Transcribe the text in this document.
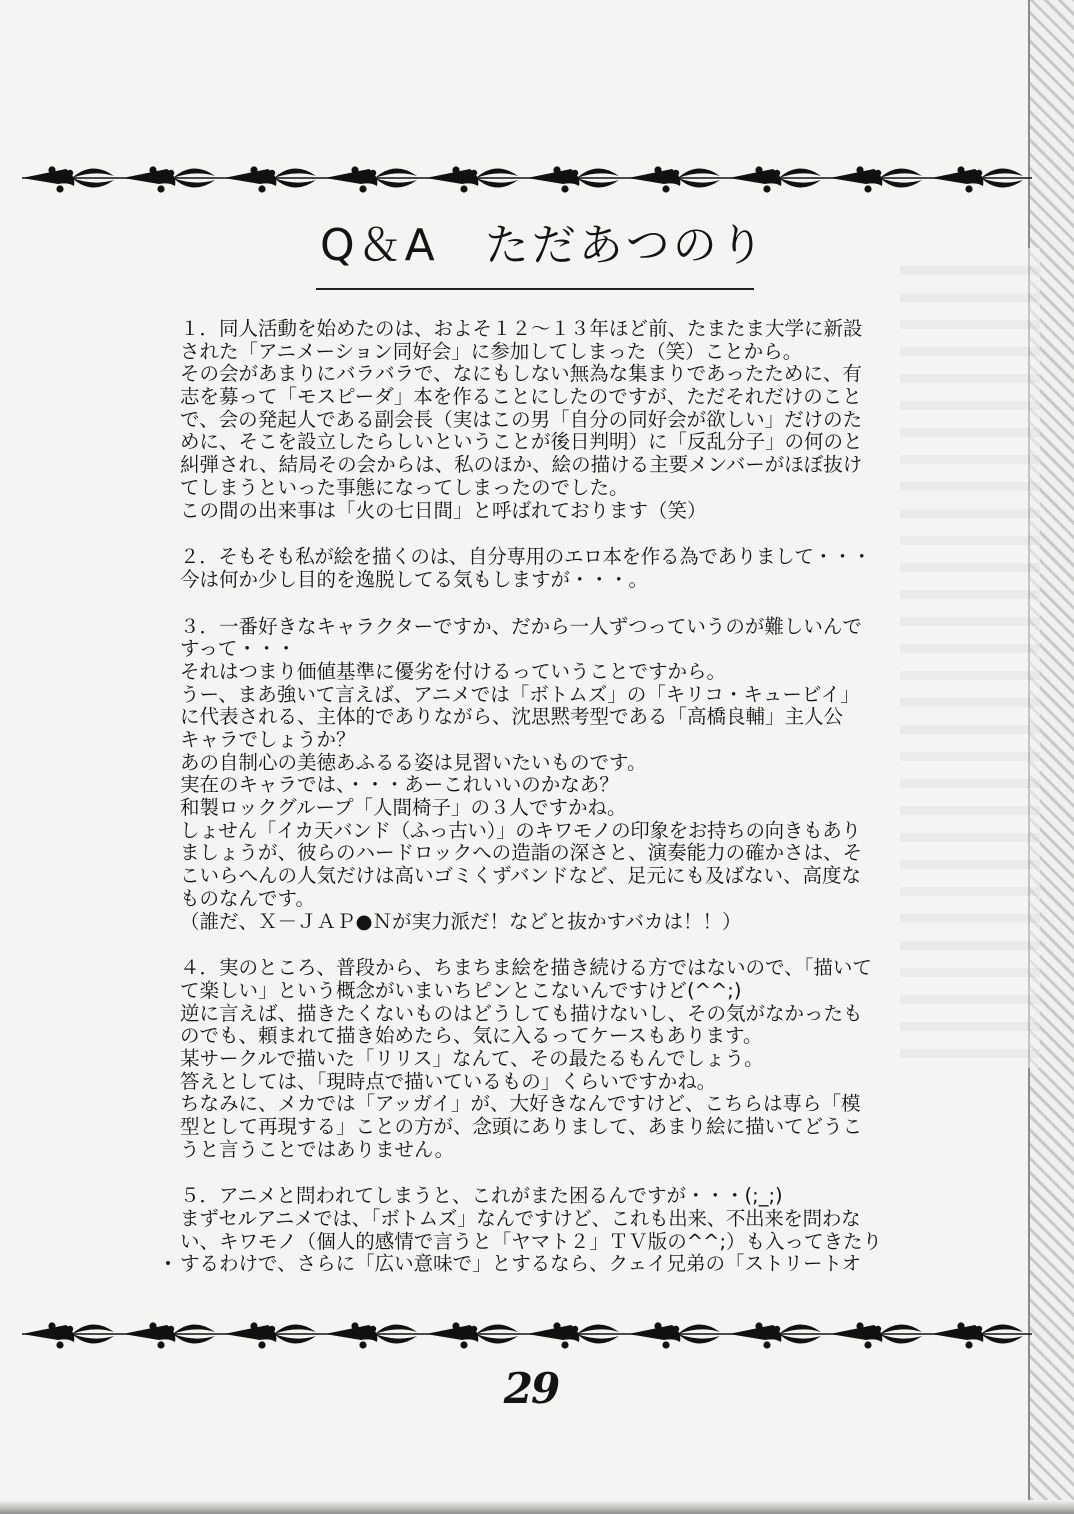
Q＆A　ただあつのり
１．同人活動を始めたのは、およそ１２～１３年ほど前、たまたま大学に新設
された「アニメーション同好会」に参加してしまった（笑）ことから。
その会があまりにバラバラで、なにもしない無為な集まりであったために、有
志を募って「モスピーダ」本を作ることにしたのですが、ただそれだけのこと
で、会の発起人である副会長（実はこの男「自分の同好会が欲しい」だけのた
めに、そこを設立したらしいということが後日判明）に「反乱分子」の何のと
糾弾され、結局その会からは、私のほか、絵の描ける主要メンバーがほぼ抜け
てしまうといった事態になってしまったのでした。
この間の出来事は「火の七日間」と呼ばれております（笑）
２．そもそも私が絵を描くのは、自分専用のエロ本を作る為でありまして・・・
今は何か少し目的を逸脱してる気もしますが・・・。
３．一番好きなキャラクターですか、だから一人ずつっていうのが難しいんで
すって・・・
それはつまり価値基準に優劣を付けるっていうことですから。
うー、まあ強いて言えば、アニメでは「ボトムズ」の「キリコ・キュービイ」
に代表される、主体的でありながら、沈思黙考型である「高橋良輔」主人公
キャラでしょうか？
あの自制心の美徳あふるる姿は見習いたいものです。
実在のキャラでは、・・・あーこれいいのかなあ？
和製ロックグループ「人間椅子」の３人ですかね。
しょせん「イカ天バンド（ふっ古い）」のキワモノの印象をお持ちの向きもあり
ましょうが、彼らのハードロックへの造詣の深さと、演奏能力の確かさは、そ
こいらへんの人気だけは高いゴミくずバンドなど、足元にも及ばない、高度な
ものなんです。
（誰だ、Ｘ－ＪＡＰ●Ｎが実力派だ！などと抜かすバカは！！）
４．実のところ、普段から、ちまちま絵を描き続ける方ではないので、「描いて
て楽しい」という概念がいまいちピンとこないんですけど(^^;)
逆に言えば、描きたくないものはどうしても描けないし、その気がなかったも
のでも、頼まれて描き始めたら、気に入るってケースもあります。
某サークルで描いた「リリス」なんて、その最たるもんでしょう。
答えとしては、「現時点で描いているもの」くらいですかね。
ちなみに、メカでは「アッガイ」が、大好きなんですけど、こちらは専ら「模
型として再現する」ことの方が、念頭にありまして、あまり絵に描いてどうこ
うと言うことではありません。
５．アニメと問われてしまうと、これがまた困るんですが・・・(;_;)
まずセルアニメでは、「ボトムズ」なんですけど、これも出来、不出来を問わな
い、キワモノ（個人的感情で言うと「ヤマト２」ＴＶ版の^^;）も入ってきたり
するわけで、さらに「広い意味で」とするなら、クェイ兄弟の「ストリートオ
29
